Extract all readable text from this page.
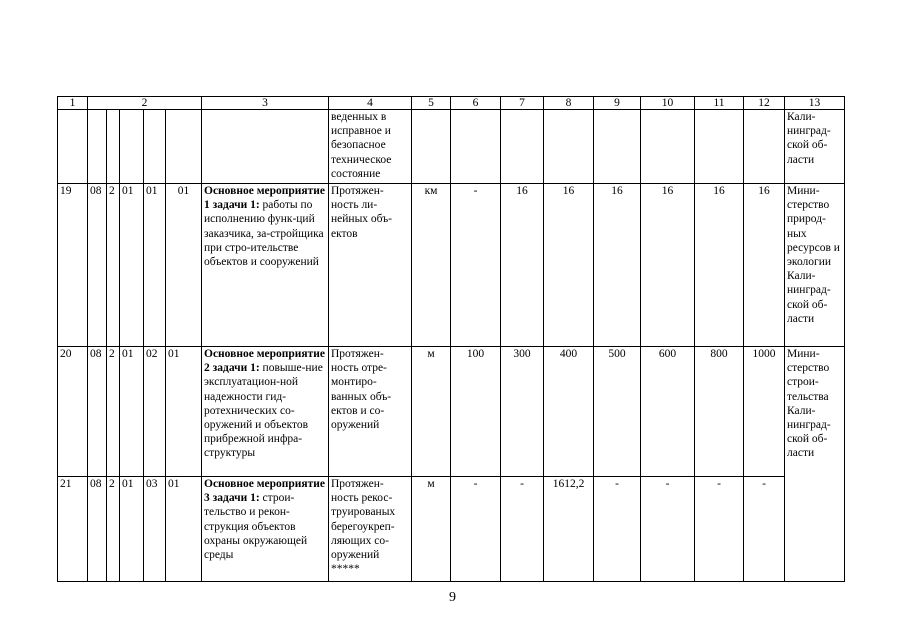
1	2					3	4	5	6	7	8	9	10	11	12	13
							веденных в исправное и безопасное техническое состояние									Кали-нинград-ской об-ласти
19	08	2	01	01	01	Основное мероприятие 1 задачи 1: работы по исполнению функ-ций заказчика, за-стройщика при стро-ительстве объектов и сооружений	Протяжен-ность ли-нейных объ-ектов	км	-	16	16	16	16	16	16	Мини-стерство природ-ных ресурсов и экологии Кали-нинград-ской об-ласти
20	08	2	01	02	01	Основное мероприятие 2 задачи 1: повыше-ние эксплуатацион-ной надежности гид-ротехнических со-оружений и объектов прибрежной инфра-структуры	Протяжен-ность отре-монтиро-ванных объ-ектов и со-оружений	м	100	300	400	500	600	800	1000	Мини-стерство строи-тельства Кали-нинград-ской об-ласти
21	08	2	01	03	01	Основное мероприятие 3 задачи 1: строи-тельство и рекон-струкция объектов охраны окружающей среды	Протяжен-ность рекос-труированых берегоукреп-ляющих со-оружений *****	м	-	-	1612,2	-	-	-	-	
9
